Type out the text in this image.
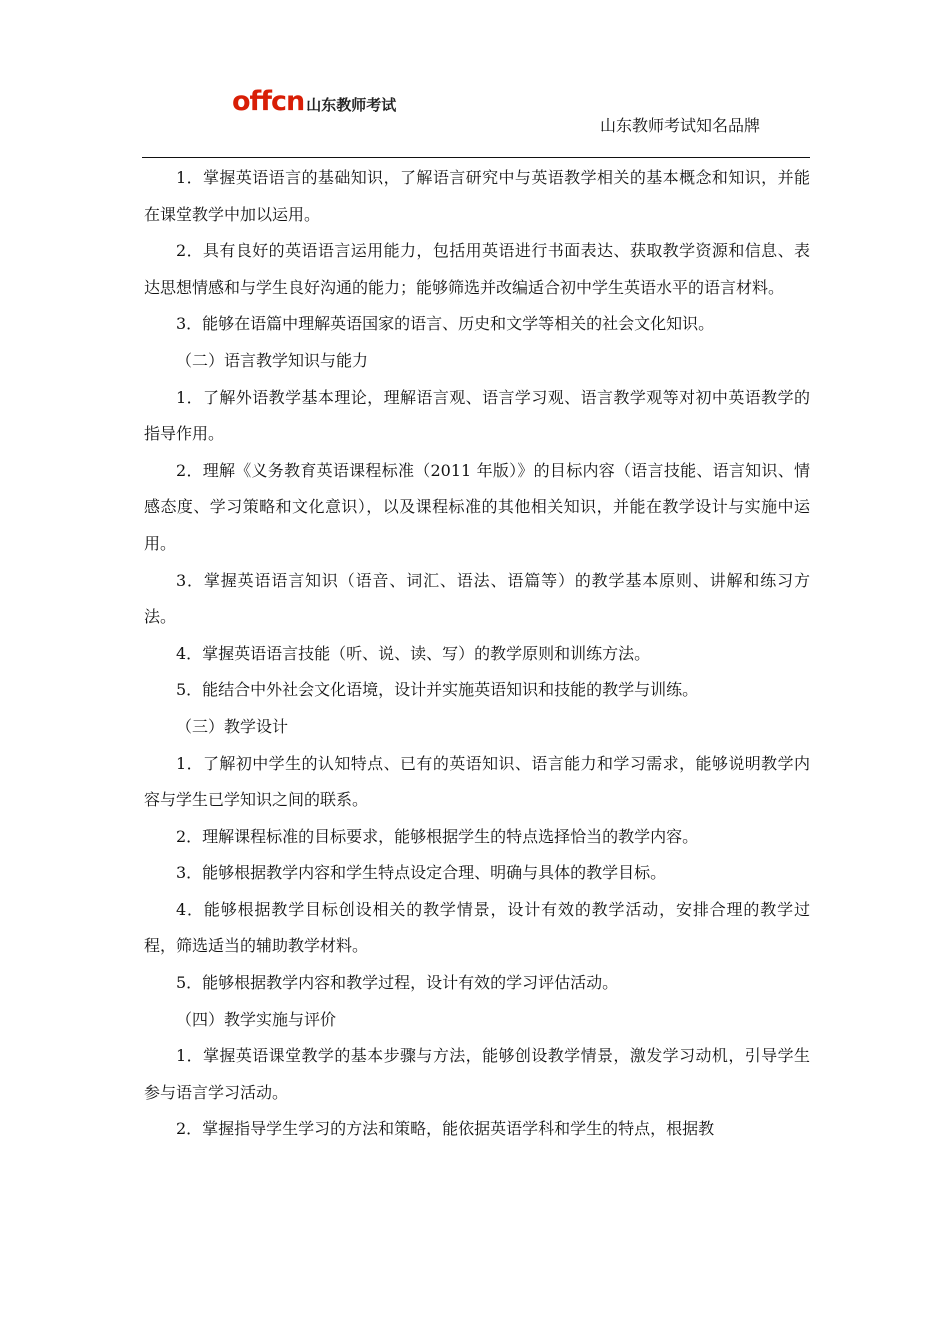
offcn 山东教师考试
山东教师考试知名品牌

1．掌握英语语言的基础知识，了解语言研究中与英语教学相关的基本概念和知识，并能在课堂教学中加以运用。

2．具有良好的英语语言运用能力，包括用英语进行书面表达、获取教学资源和信息、表达思想情感和与学生良好沟通的能力；能够筛选并改编适合初中学生英语水平的语言材料。

3．能够在语篇中理解英语国家的语言、历史和文学等相关的社会文化知识。

（二）语言教学知识与能力

1．了解外语教学基本理论，理解语言观、语言学习观、语言教学观等对初中英语教学的指导作用。

2．理解《义务教育英语课程标准（2011 年版）》的目标内容（语言技能、语言知识、情感态度、学习策略和文化意识），以及课程标准的其他相关知识，并能在教学设计与实施中运用。

3．掌握英语语言知识（语音、词汇、语法、语篇等）的教学基本原则、讲解和练习方法。

4．掌握英语语言技能（听、说、读、写）的教学原则和训练方法。

5．能结合中外社会文化语境，设计并实施英语知识和技能的教学与训练。

（三）教学设计

1．了解初中学生的认知特点、已有的英语知识、语言能力和学习需求，能够说明教学内容与学生已学知识之间的联系。

2．理解课程标准的目标要求，能够根据学生的特点选择恰当的教学内容。

3．能够根据教学内容和学生特点设定合理、明确与具体的教学目标。

4．能够根据教学目标创设相关的教学情景，设计有效的教学活动，安排合理的教学过程，筛选适当的辅助教学材料。

5．能够根据教学内容和教学过程，设计有效的学习评估活动。

（四）教学实施与评价

1．掌握英语课堂教学的基本步骤与方法，能够创设教学情景，激发学习动机，引导学生参与语言学习活动。

2．掌握指导学生学习的方法和策略，能依据英语学科和学生的特点，根据教
